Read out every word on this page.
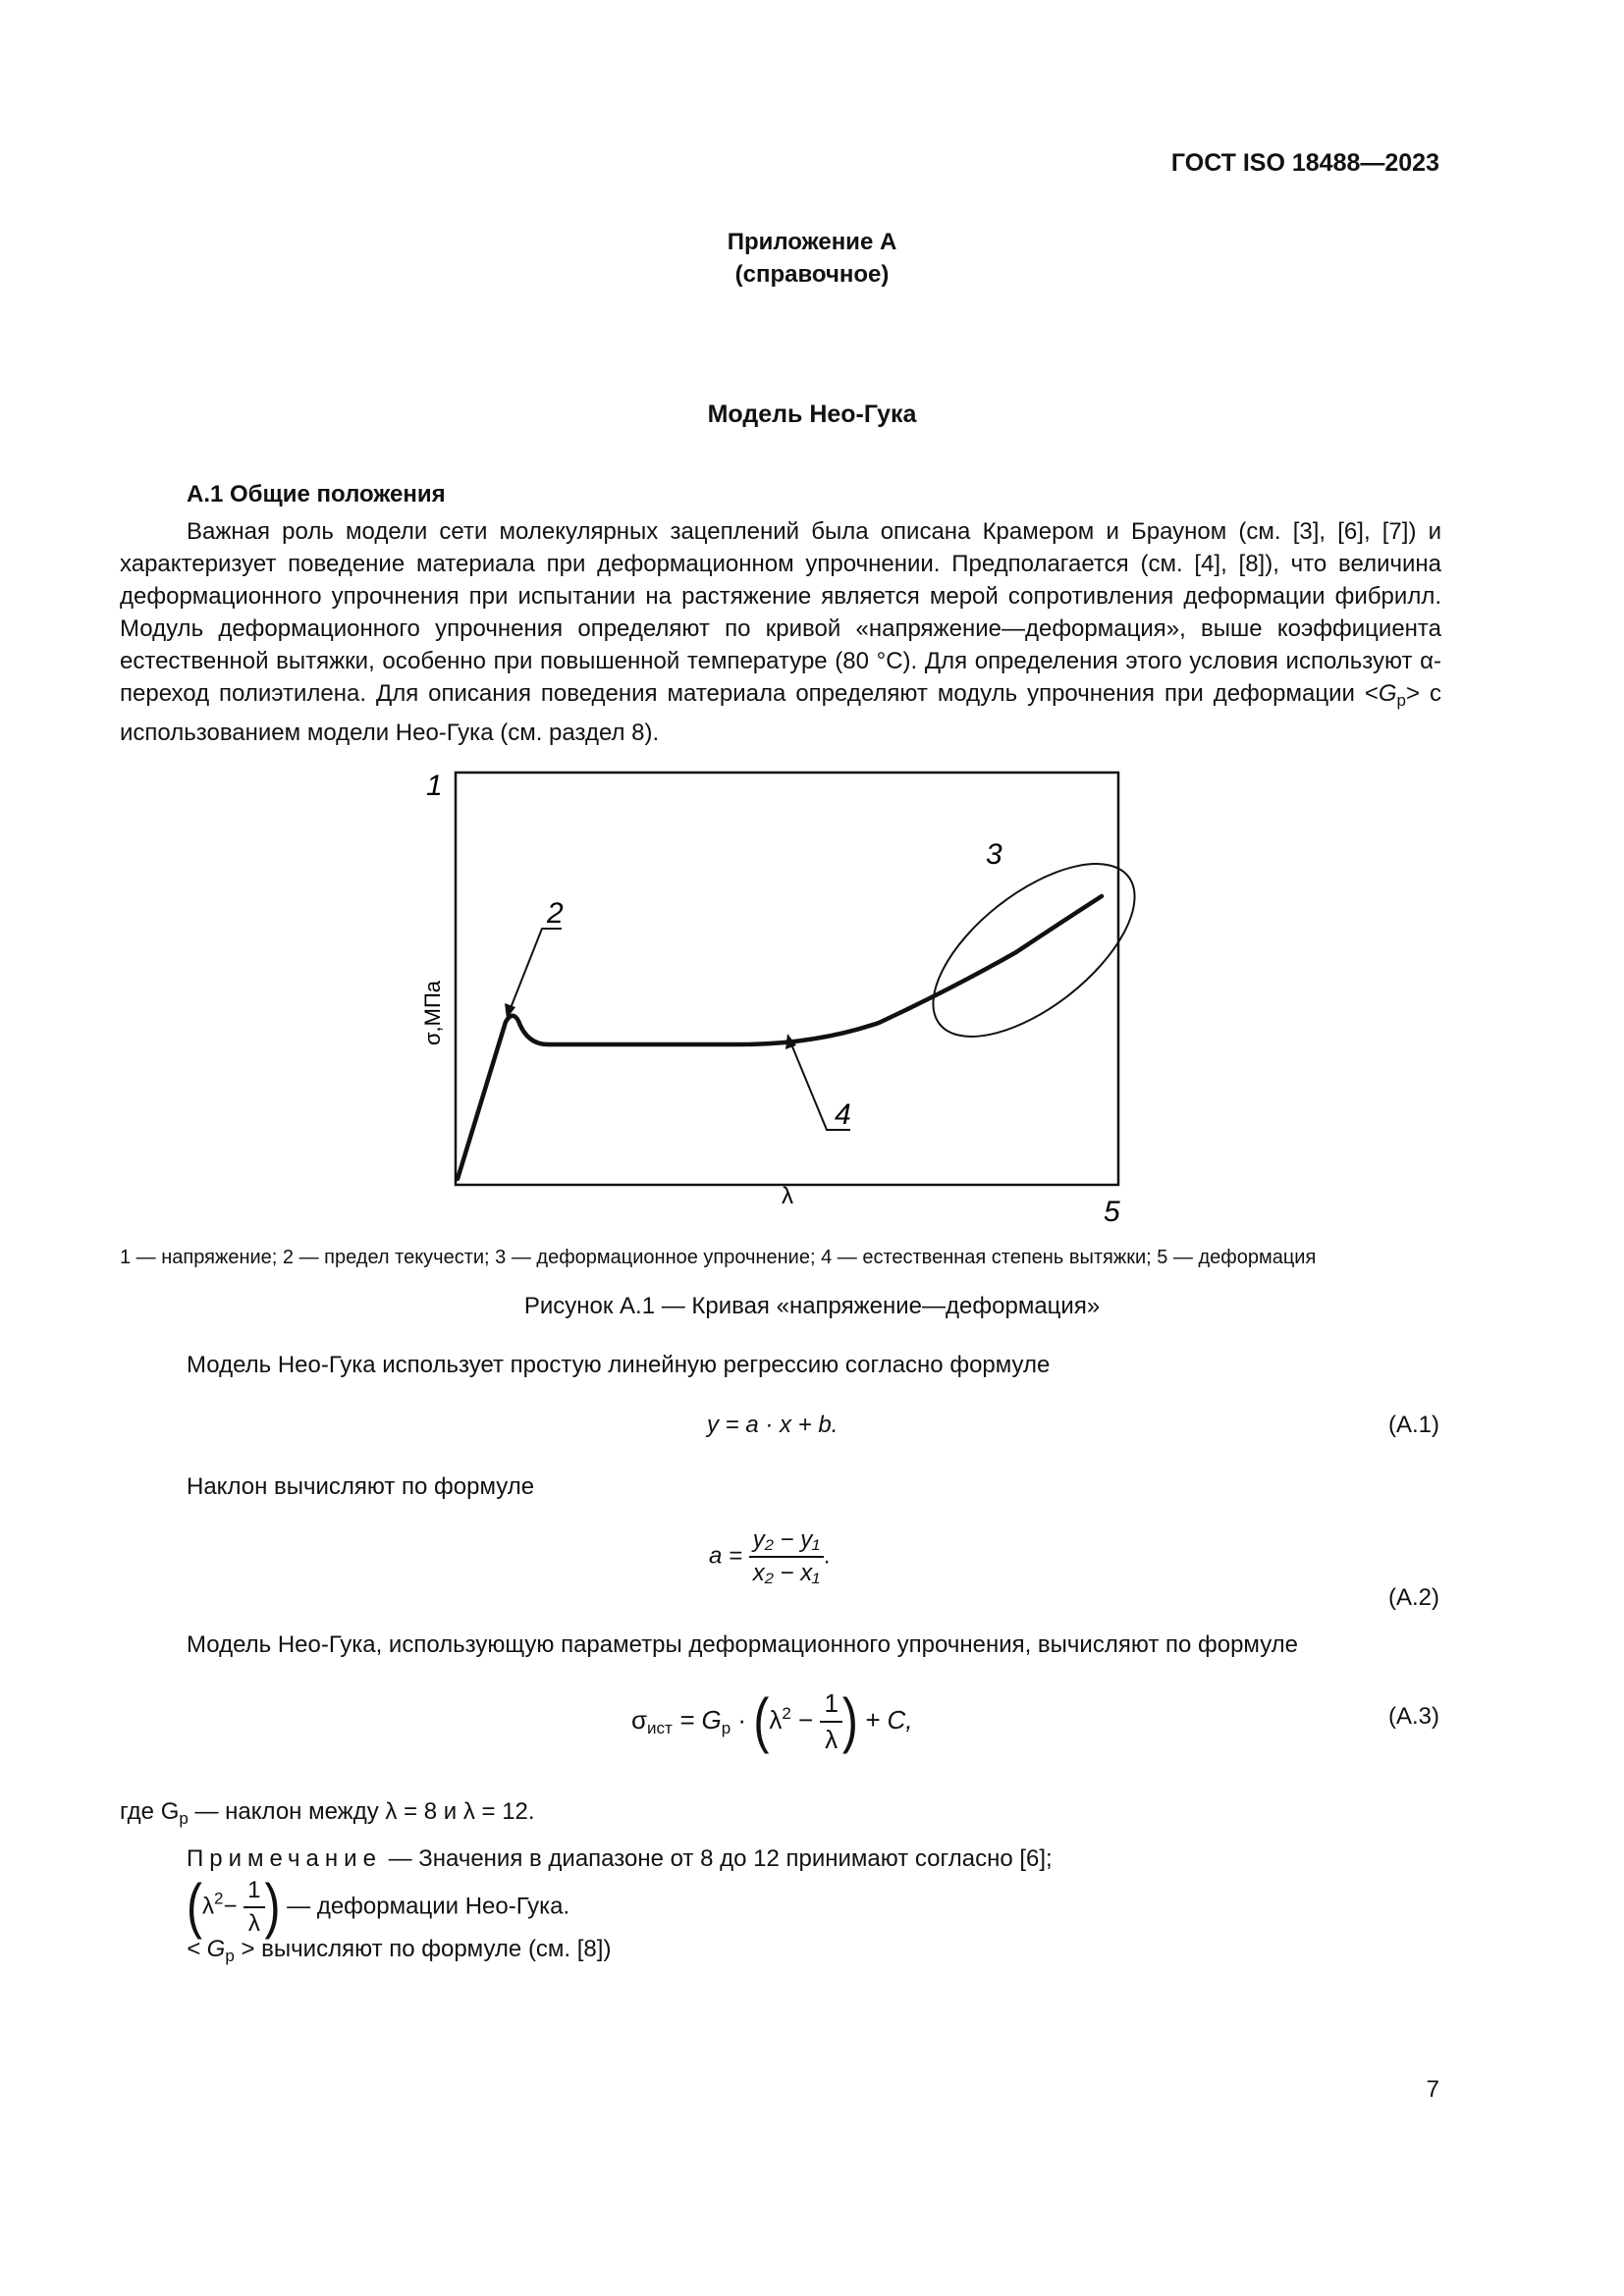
ГОСТ ISO 18488—2023
Приложение А
(справочное)
Модель Нео-Гука
А.1 Общие положения
Важная роль модели сети молекулярных зацеплений была описана Крамером и Брауном (см. [3], [6], [7]) и характеризует поведение материала при деформационном упрочнении. Предполагается (см. [4], [8]), что величина деформационного упрочнения при испытании на растяжение является мерой сопротивления деформации фибрилл. Модуль деформационного упрочнения определяют по кривой «напряжение—деформация», выше коэффициента естественной вытяжки, особенно при повышенной температуре (80 °C). Для определения этого условия используют α-переход полиэтилена. Для описания поведения материала определяют модуль упрочнения при деформации $<G_p> с$ использованием модели Нео-Гука (см. раздел 8).
1
2
3
4
5
σ,МПа
λ
1 — напряжение; 2 — предел текучести; 3 — деформационное упрочнение; 4 — естественная степень вытяжки; 5 — деформация
Рисунок А.1 — Кривая «напряжение—деформация»
Модель Нео-Гука использует простую линейную регрессию согласно формуле
y = a · x + b.	(А.1)
Наклон вычисляют по формуле
$a = \frac{\text{y₂ − y₁}}{\text{x₂ − x₁}}$ .
(А.2)
Модель Нео-Гука, использующую параметры деформационного упрочнения, вычисляют по формуле
$\sigma_{ист} = G_p \cdot (\lambda^2 - \frac{1}{\lambda}$ ) + C,	(А.3)
где $G_p$ — наклон между λ = 8 и λ = 12.
Примечание — Значения в диапазоне от 8 до 12 принимают согласно [6];
($\lambda^2- \frac{1}{\lambda}$ ) — деформации Нео-Гука.
< $G_p$ > вычисляют по формуле (см. [8])
7
